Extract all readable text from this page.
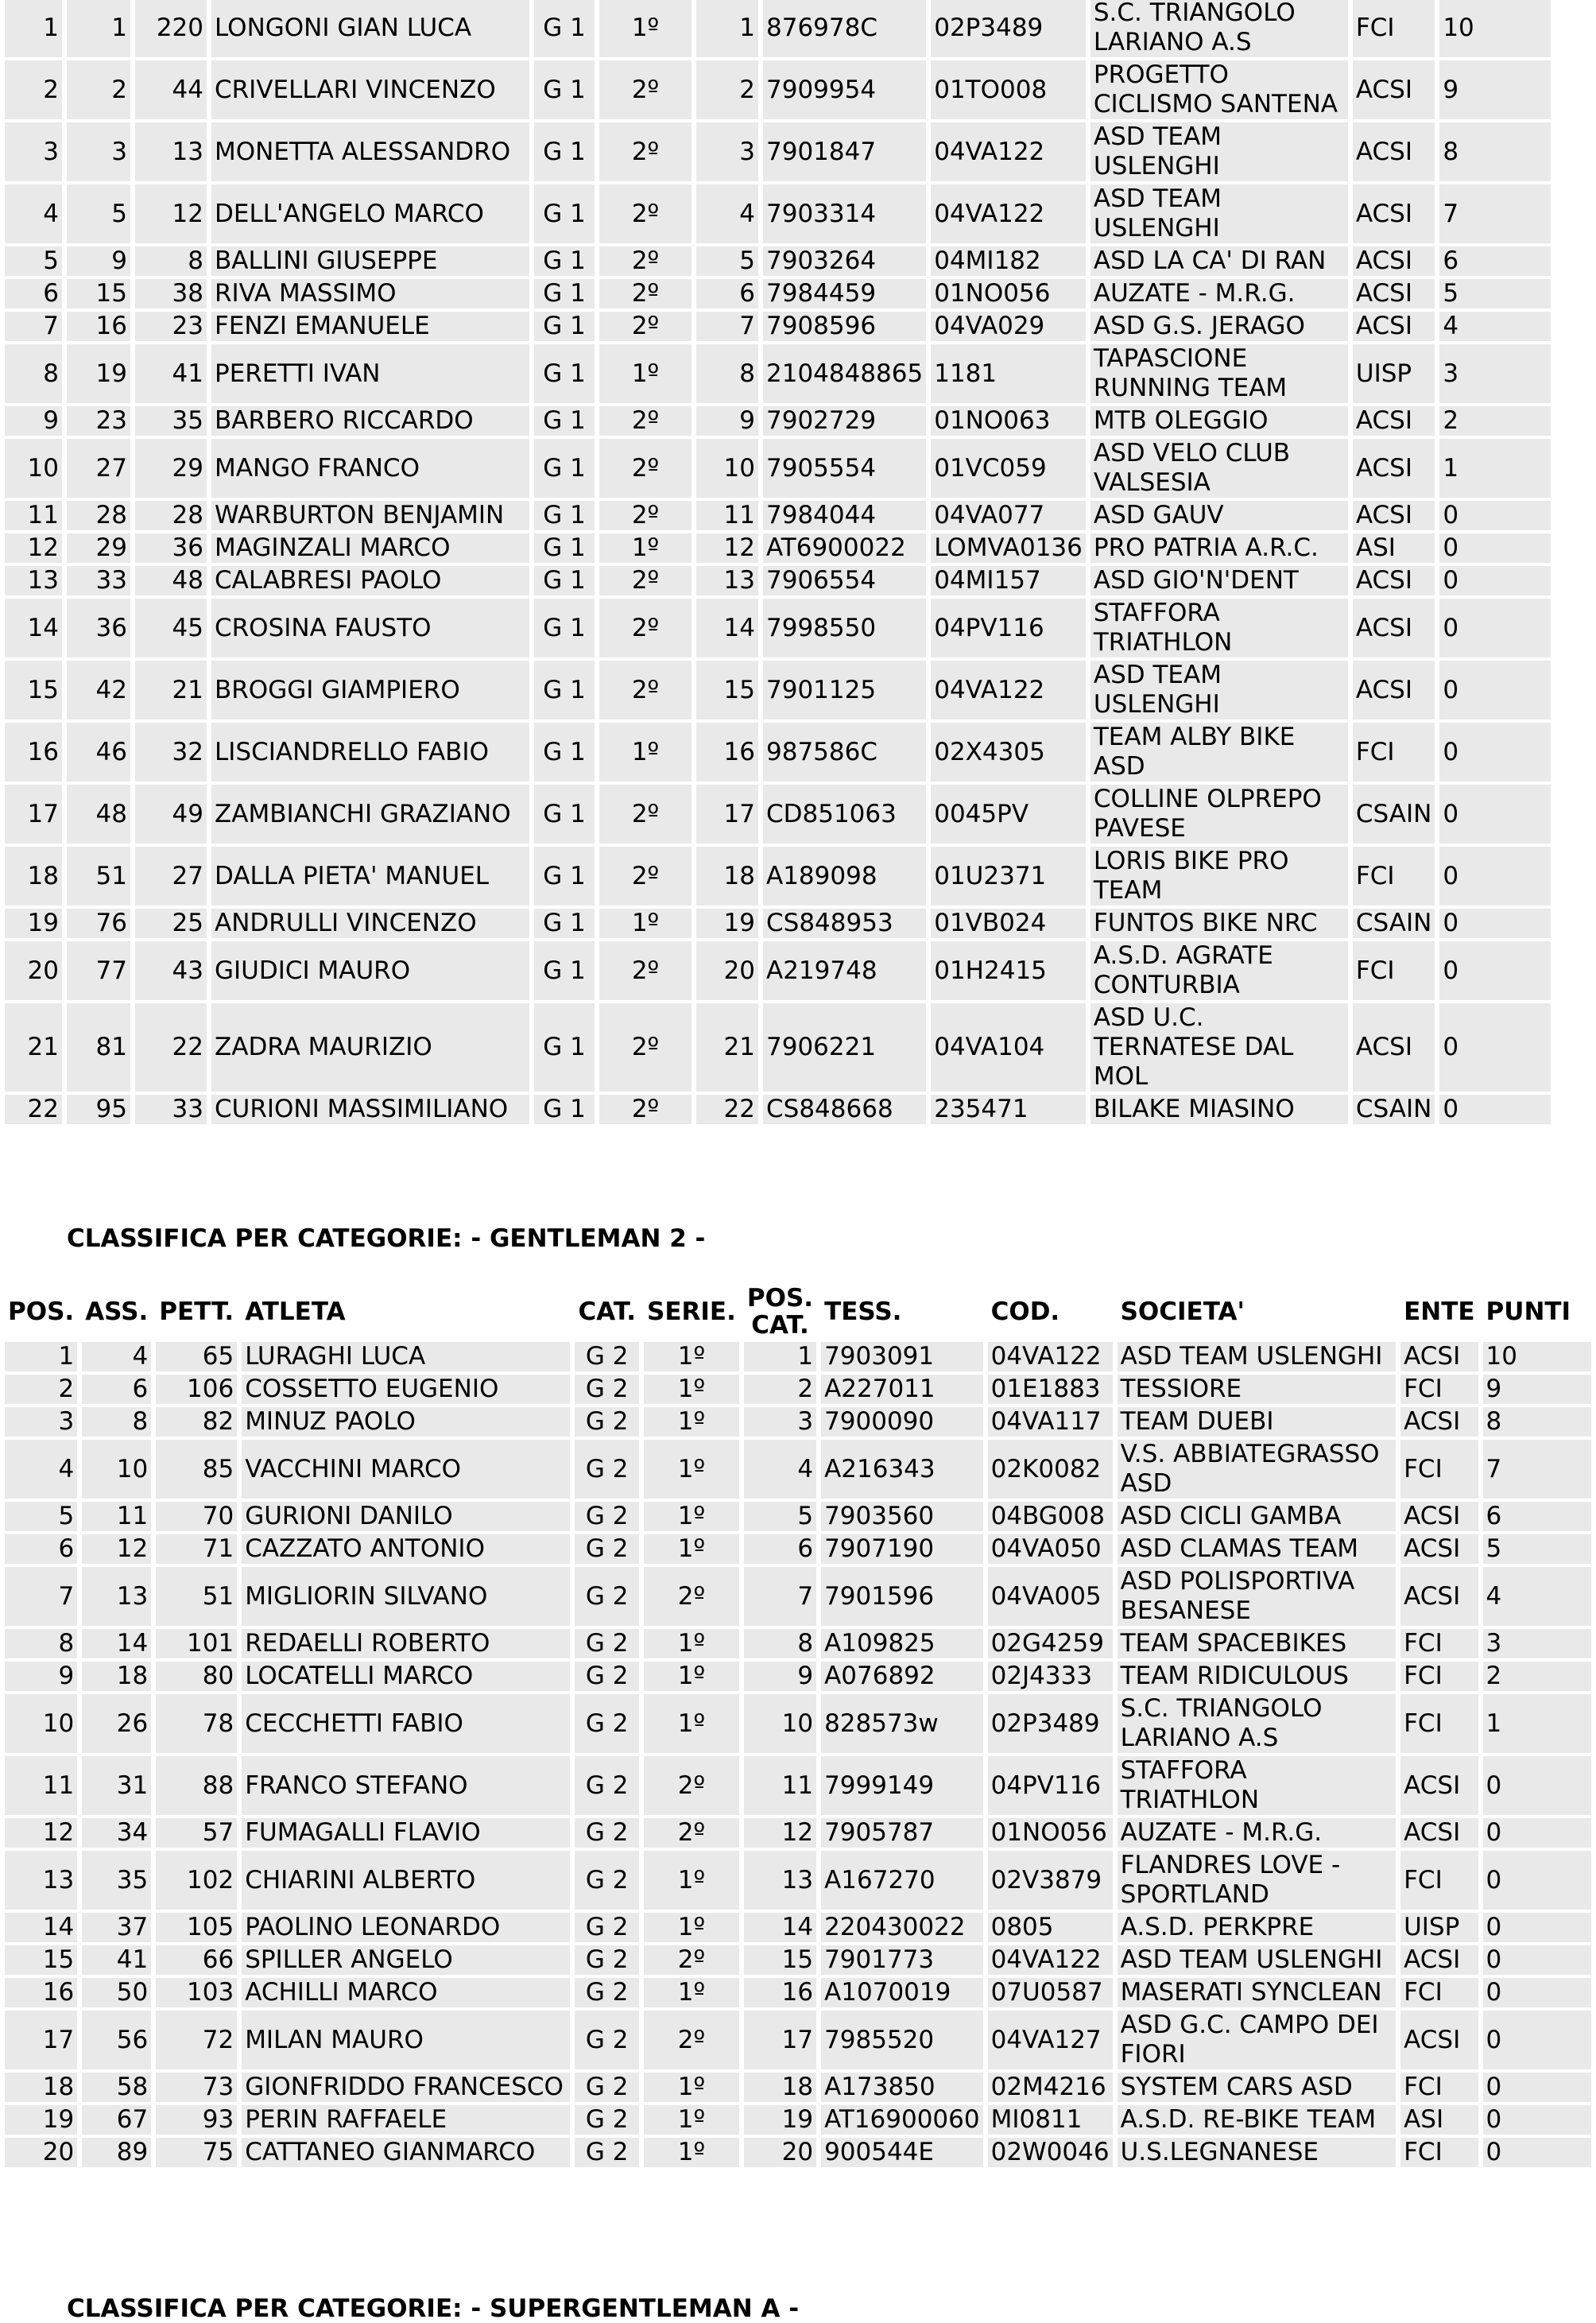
1	1	220	LONGONI GIAN LUCA	G 1	1º	1	876978C	02P3489	S.C. TRIANGOLO LARIANO A.S	FCI	10
2	2	44	CRIVELLARI VINCENZO	G 1	2º	2	7909954	01TO008	PROGETTO CICLISMO SANTENA	ACSI	9
3	3	13	MONETTA ALESSANDRO	G 1	2º	3	7901847	04VA122	ASD TEAM USLENGHI	ACSI	8
4	5	12	DELL'ANGELO MARCO	G 1	2º	4	7903314	04VA122	ASD TEAM USLENGHI	ACSI	7
5	9	8	BALLINI GIUSEPPE	G 1	2º	5	7903264	04MI182	ASD LA CA' DI RAN	ACSI	6
6	15	38	RIVA MASSIMO	G 1	2º	6	7984459	01NO056	AUZATE - M.R.G.	ACSI	5
7	16	23	FENZI EMANUELE	G 1	2º	7	7908596	04VA029	ASD G.S. JERAGO	ACSI	4
8	19	41	PERETTI IVAN	G 1	1º	8	2104848865	1181	TAPASCIONE RUNNING TEAM	UISP	3
9	23	35	BARBERO RICCARDO	G 1	2º	9	7902729	01NO063	MTB OLEGGIO	ACSI	2
10	27	29	MANGO FRANCO	G 1	2º	10	7905554	01VC059	ASD VELO CLUB VALSESIA	ACSI	1
11	28	28	WARBURTON BENJAMIN	G 1	2º	11	7984044	04VA077	ASD GAUV	ACSI	0
12	29	36	MAGINZALI MARCO	G 1	1º	12	AT6900022	LOMVA0136	PRO PATRIA A.R.C.	ASI	0
13	33	48	CALABRESI PAOLO	G 1	2º	13	7906554	04MI157	ASD GIO'N'DENT	ACSI	0
14	36	45	CROSINA FAUSTO	G 1	2º	14	7998550	04PV116	STAFFORA TRIATHLON	ACSI	0
15	42	21	BROGGI GIAMPIERO	G 1	2º	15	7901125	04VA122	ASD TEAM USLENGHI	ACSI	0
16	46	32	LISCIANDRELLO FABIO	G 1	1º	16	987586C	02X4305	TEAM ALBY BIKE ASD	FCI	0
17	48	49	ZAMBIANCHI GRAZIANO	G 1	2º	17	CD851063	0045PV	COLLINE OLPREPO PAVESE	CSAIN	0
18	51	27	DALLA PIETA' MANUEL	G 1	2º	18	A189098	01U2371	LORIS BIKE PRO TEAM	FCI	0
19	76	25	ANDRULLI VINCENZO	G 1	1º	19	CS848953	01VB024	FUNTOS BIKE NRC	CSAIN	0
20	77	43	GIUDICI MAURO	G 1	2º	20	A219748	01H2415	A.S.D. AGRATE CONTURBIA	FCI	0
21	81	22	ZADRA MAURIZIO	G 1	2º	21	7906221	04VA104	ASD U.C. TERNATESE DAL MOL	ACSI	0
22	95	33	CURIONI MASSIMILIANO	G 1	2º	22	CS848668	235471	BILAKE MIASINO	CSAIN	0
CLASSIFICA PER CATEGORIE: - GENTLEMAN 2 -
POS.	ASS.	PETT.	ATLETA	CAT.	SERIE.	POS. CAT.	TESS.	COD.	SOCIETA'	ENTE	PUNTI
1	4	65	LURAGHI LUCA	G 2	1º	1	7903091	04VA122	ASD TEAM USLENGHI	ACSI	10
2	6	106	COSSETTO EUGENIO	G 2	1º	2	A227011	01E1883	TESSIORE	FCI	9
3	8	82	MINUZ PAOLO	G 2	1º	3	7900090	04VA117	TEAM DUEBI	ACSI	8
4	10	85	VACCHINI MARCO	G 2	1º	4	A216343	02K0082	V.S. ABBIATEGRASSO ASD	FCI	7
5	11	70	GURIONI DANILO	G 2	1º	5	7903560	04BG008	ASD CICLI GAMBA	ACSI	6
6	12	71	CAZZATO ANTONIO	G 2	1º	6	7907190	04VA050	ASD CLAMAS TEAM	ACSI	5
7	13	51	MIGLIORIN SILVANO	G 2	2º	7	7901596	04VA005	ASD POLISPORTIVA BESANESE	ACSI	4
8	14	101	REDAELLI ROBERTO	G 2	1º	8	A109825	02G4259	TEAM SPACEBIKES	FCI	3
9	18	80	LOCATELLI MARCO	G 2	1º	9	A076892	02J4333	TEAM RIDICULOUS	FCI	2
10	26	78	CECCHETTI FABIO	G 2	1º	10	828573w	02P3489	S.C. TRIANGOLO LARIANO A.S	FCI	1
11	31	88	FRANCO STEFANO	G 2	2º	11	7999149	04PV116	STAFFORA TRIATHLON	ACSI	0
12	34	57	FUMAGALLI FLAVIO	G 2	2º	12	7905787	01NO056	AUZATE - M.R.G.	ACSI	0
13	35	102	CHIARINI ALBERTO	G 2	1º	13	A167270	02V3879	FLANDRES LOVE - SPORTLAND	FCI	0
14	37	105	PAOLINO LEONARDO	G 2	1º	14	220430022	0805	A.S.D. PERKPRE	UISP	0
15	41	66	SPILLER ANGELO	G 2	2º	15	7901773	04VA122	ASD TEAM USLENGHI	ACSI	0
16	50	103	ACHILLI MARCO	G 2	1º	16	A1070019	07U0587	MASERATI SYNCLEAN	FCI	0
17	56	72	MILAN MAURO	G 2	2º	17	7985520	04VA127	ASD G.C. CAMPO DEI FIORI	ACSI	0
18	58	73	GIONFRIDDO FRANCESCO	G 2	1º	18	A173850	02M4216	SYSTEM CARS ASD	FCI	0
19	67	93	PERIN RAFFAELE	G 2	1º	19	AT16900060	MI0811	A.S.D. RE-BIKE TEAM	ASI	0
20	89	75	CATTANEO GIANMARCO	G 2	1º	20	900544E	02W0046	U.S.LEGNANESE	FCI	0
CLASSIFICA PER CATEGORIE: - SUPERGENTLEMAN A -
